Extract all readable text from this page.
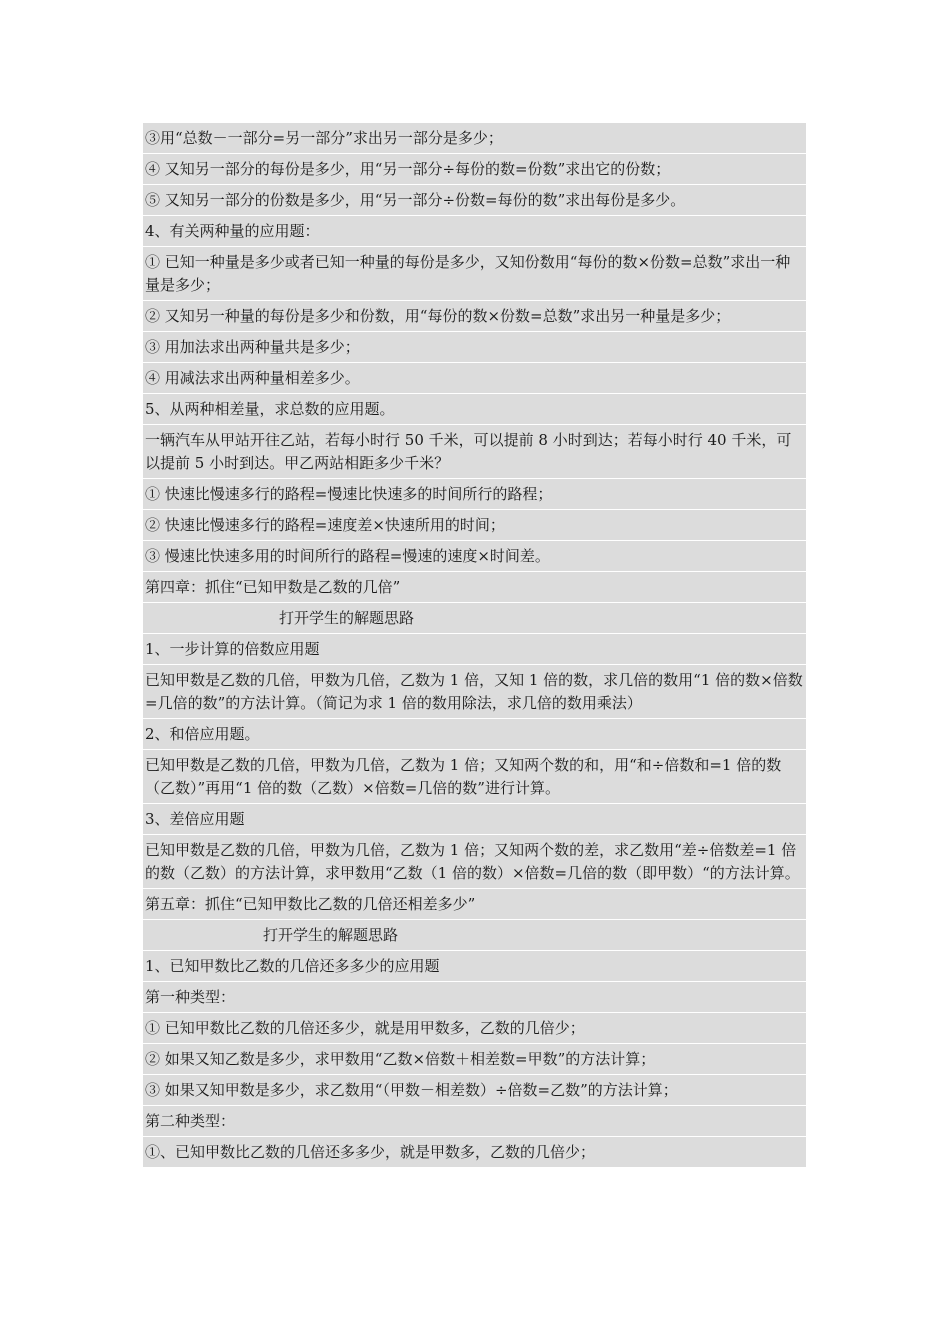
③用“总数－一部分=另一部分”求出另一部分是多少；
④ 又知另一部分的每份是多少，用“另一部分÷每份的数=份数”求出它的份数；
⑤ 又知另一部分的份数是多少，用“另一部分÷份数=每份的数”求出每份是多少。
4、有关两种量的应用题：
① 已知一种量是多少或者已知一种量的每份是多少，又知份数用“每份的数×份数=总数”求出一种量是多少；
② 又知另一种量的每份是多少和份数，用“每份的数×份数=总数”求出另一种量是多少；
③ 用加法求出两种量共是多少；
④ 用减法求出两种量相差多少。
5、从两种相差量，求总数的应用题。
一辆汽车从甲站开往乙站，若每小时行 50 千米，可以提前 8 小时到达；若每小时行 40 千米，可以提前 5 小时到达。甲乙两站相距多少千米？
① 快速比慢速多行的路程=慢速比快速多的时间所行的路程；
② 快速比慢速多行的路程=速度差×快速所用的时间；
③ 慢速比快速多用的时间所行的路程=慢速的速度×时间差。
第四章：抓住“已知甲数是乙数的几倍”
打开学生的解题思路
1、一步计算的倍数应用题
已知甲数是乙数的几倍，甲数为几倍，乙数为 1 倍，又知 1 倍的数，求几倍的数用“1 倍的数×倍数=几倍的数”的方法计算。（简记为求 1 倍的数用除法，求几倍的数用乘法）
2、和倍应用题。
已知甲数是乙数的几倍，甲数为几倍，乙数为 1 倍；又知两个数的和，用“和÷倍数和=1 倍的数（乙数）”再用“1 倍的数（乙数）×倍数=几倍的数”进行计算。
3、差倍应用题
已知甲数是乙数的几倍，甲数为几倍，乙数为 1 倍；又知两个数的差，求乙数用“差÷倍数差=1 倍的数（乙数）的方法计算，求甲数用“乙数（1 倍的数）×倍数=几倍的数（即甲数）“的方法计算。
第五章：抓住“已知甲数比乙数的几倍还相差多少”
打开学生的解题思路
1、已知甲数比乙数的几倍还多多少的应用题
第一种类型：
① 已知甲数比乙数的几倍还多少，就是用甲数多，乙数的几倍少；
② 如果又知乙数是多少，求甲数用“乙数×倍数＋相差数=甲数”的方法计算；
③ 如果又知甲数是多少，求乙数用“（甲数－相差数）÷倍数=乙数”的方法计算；
第二种类型：
①、已知甲数比乙数的几倍还多多少，就是甲数多，乙数的几倍少；
